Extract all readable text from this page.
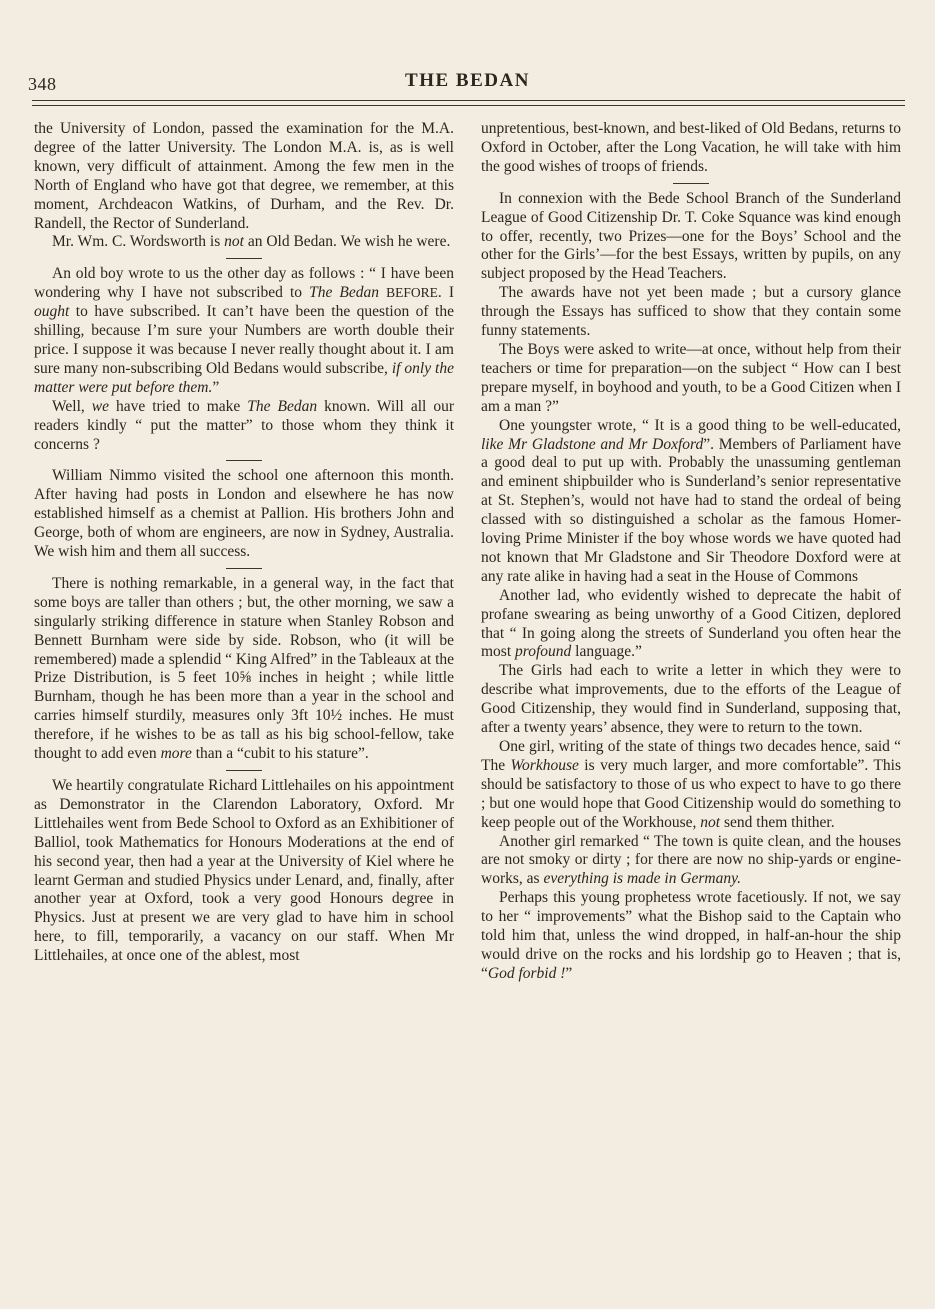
348	THE BEDAN

the University of London, passed the examination for the M.A. degree of the latter University. The London M.A. is, as is well known, very difficult of attainment. Among the few men in the North of England who have got that degree, we remember, at this moment, Archdeacon Watkins, of Durham, and the Rev. Dr. Randell, the Rector of Sunderland.

Mr. Wm. C. Wordsworth is not an Old Bedan. We wish he were.

An old boy wrote to us the other day as follows : “ I have been wondering why I have not subscribed to The Bedan BEFORE. I ought to have subscribed. It can’t have been the question of the shilling, because I’m sure your Numbers are worth double their price. I suppose it was because I never really thought about it. I am sure many non-subscribing Old Bedans would subscribe, if only the matter were put before them.”

Well, we have tried to make The Bedan known. Will all our readers kindly “ put the matter” to those whom they think it concerns ?

William Nimmo visited the school one afternoon this month. After having had posts in London and elsewhere he has now established himself as a chemist at Pallion. His brothers John and George, both of whom are engineers, are now in Sydney, Australia. We wish him and them all success.

There is nothing remarkable, in a general way, in the fact that some boys are taller than others ; but, the other morning, we saw a singularly striking difference in stature when Stanley Robson and Bennett Burnham were side by side. Robson, who (it will be remembered) made a splendid “ King Alfred” in the Tableaux at the Prize Distribution, is 5 feet 10⅝ inches in height ; while little Burnham, though he has been more than a year in the school and carries himself sturdily, measures only 3ft 10½ inches. He must therefore, if he wishes to be as tall as his big school-fellow, take thought to add even more than a “cubit to his stature”.

We heartily congratulate Richard Littlehailes on his appointment as Demonstrator in the Clarendon Laboratory, Oxford. Mr Littlehailes went from Bede School to Oxford as an Exhibitioner of Balliol, took Mathematics for Honours Moderations at the end of his second year, then had a year at the University of Kiel where he learnt German and studied Physics under Lenard, and, finally, after another year at Oxford, took a very good Honours degree in Physics. Just at present we are very glad to have him in school here, to fill, temporarily, a vacancy on our staff. When Mr Littlehailes, at once one of the ablest, most

unpretentious, best-known, and best-liked of Old Bedans, returns to Oxford in October, after the Long Vacation, he will take with him the good wishes of troops of friends.

In connexion with the Bede School Branch of the Sunderland League of Good Citizenship Dr. T. Coke Squance was kind enough to offer, recently, two Prizes—one for the Boys’ School and the other for the Girls’—for the best Essays, written by pupils, on any subject proposed by the Head Teachers.

The awards have not yet been made ; but a cursory glance through the Essays has sufficed to show that they contain some funny statements.

The Boys were asked to write—at once, without help from their teachers or time for preparation—on the subject “ How can I best prepare myself, in boyhood and youth, to be a Good Citizen when I am a man ?”

One youngster wrote, “ It is a good thing to be well-educated, like Mr Gladstone and Mr Doxford”. Members of Parliament have a good deal to put up with. Probably the unassuming gentleman and eminent shipbuilder who is Sunderland’s senior representative at St. Stephen’s, would not have had to stand the ordeal of being classed with so distinguished a scholar as the famous Homer-loving Prime Minister if the boy whose words we have quoted had not known that Mr Gladstone and Sir Theodore Doxford were at any rate alike in having had a seat in the House of Commons

Another lad, who evidently wished to deprecate the habit of profane swearing as being unworthy of a Good Citizen, deplored that “ In going along the streets of Sunderland you often hear the most profound language.”

The Girls had each to write a letter in which they were to describe what improvements, due to the efforts of the League of Good Citizenship, they would find in Sunderland, supposing that, after a twenty years’ absence, they were to return to the town.

One girl, writing of the state of things two decades hence, said “ The Workhouse is very much larger, and more comfortable”. This should be satisfactory to those of us who expect to have to go there ; but one would hope that Good Citizenship would do something to keep people out of the Workhouse, not send them thither.

Another girl remarked “ The town is quite clean, and the houses are not smoky or dirty ; for there are now no ship-yards or engine-works, as everything is made in Germany.

Perhaps this young prophetess wrote facetiously. If not, we say to her “ improvements” what the Bishop said to the Captain who told him that, unless the wind dropped, in half-an-hour the ship would drive on the rocks and his lordship go to Heaven ; that is, “God forbid !”
